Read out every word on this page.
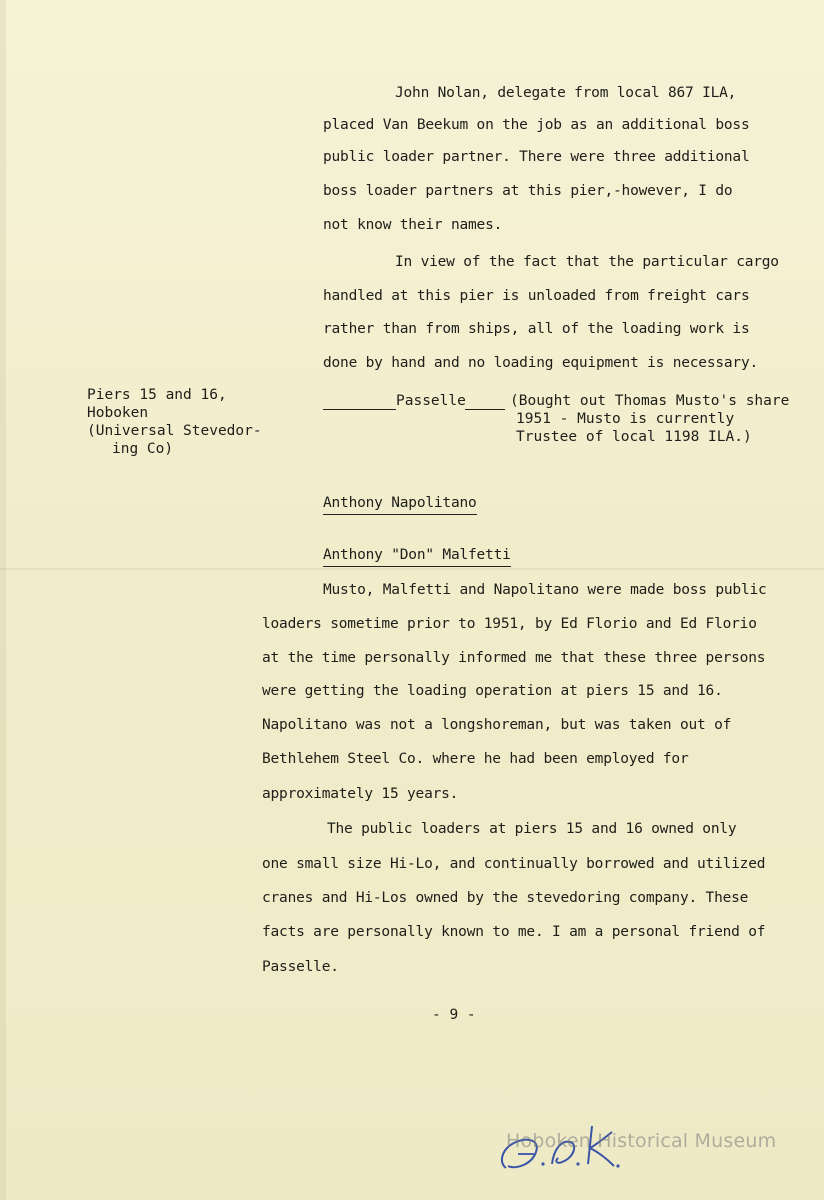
John Nolan, delegate from local 867 ILA,
placed Van Beekum on the job as an additional boss
public loader partner. There were three additional
boss loader partners at this pier,-however, I do
not know their names.
In view of the fact that the particular cargo
handled at this pier is unloaded from freight cars
rather than from ships, all of the loading work is
done by hand and no loading equipment is necessary.
Piers 15 and 16,
Hoboken
(Universal Stevedor-
ing Co)
Passelle	(Bought out Thomas Musto's share
1951 - Musto is currently
Trustee of local 1198 ILA.)
Anthony Napolitano
Anthony "Don" Malfetti
Musto, Malfetti and Napolitano were made boss public
loaders sometime prior to 1951, by Ed Florio and Ed Florio
at the time personally informed me that these three persons
were getting the loading operation at piers 15 and 16.
Napolitano was not a longshoreman, but was taken out of
Bethlehem Steel Co. where he had been employed for
approximately 15 years.
The public loaders at piers 15 and 16 owned only
one small size Hi-Lo, and continually borrowed and utilized
cranes and Hi-Los owned by the stevedoring company. These
facts are personally known to me. I am a personal friend of
Passelle.
- 9 -
Hoboken Historical Museum
